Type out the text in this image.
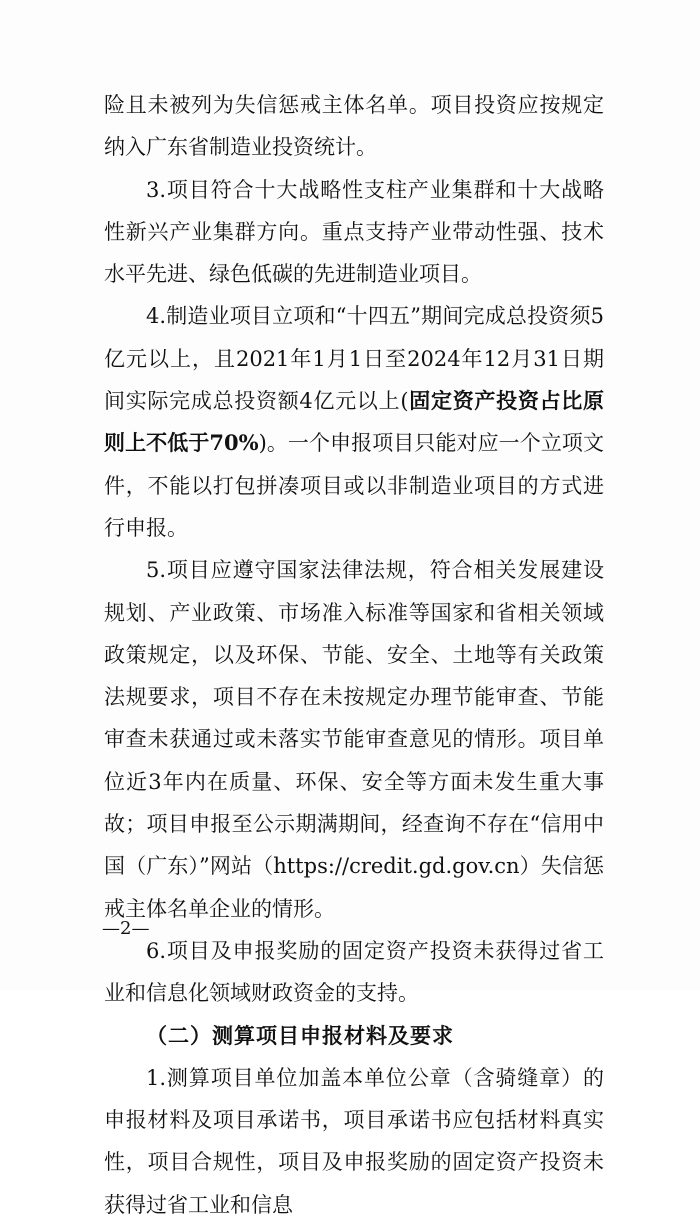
险且未被列为失信惩戒主体名单。项目投资应按规定纳入广东省制造业投资统计。

3.项目符合十大战略性支柱产业集群和十大战略性新兴产业集群方向。重点支持产业带动性强、技术水平先进、绿色低碳的先进制造业项目。

4.制造业项目立项和“十四五”期间完成总投资须5亿元以上，且2021年1月1日至2024年12月31日期间实际完成总投资额4亿元以上(固定资产投资占比原则上不低于70%)。一个申报项目只能对应一个立项文件，不能以打包拼凑项目或以非制造业项目的方式进行申报。

5.项目应遵守国家法律法规，符合相关发展建设规划、产业政策、市场准入标准等国家和省相关领域政策规定，以及环保、节能、安全、土地等有关政策法规要求，项目不存在未按规定办理节能审查、节能审查未获通过或未落实节能审查意见的情形。项目单位近3年内在质量、环保、安全等方面未发生重大事故；项目申报至公示期满期间，经查询不存在“信用中国（广东）”网站（https://credit.gd.gov.cn）失信惩戒主体名单企业的情形。

6.项目及申报奖励的固定资产投资未获得过省工业和信息化领域财政资金的支持。

（二）测算项目申报材料及要求

1.测算项目单位加盖本单位公章（含骑缝章）的申报材料及项目承诺书，项目承诺书应包括材料真实性，项目合规性，项目及申报奖励的固定资产投资未获得过省工业和信息

—2—
